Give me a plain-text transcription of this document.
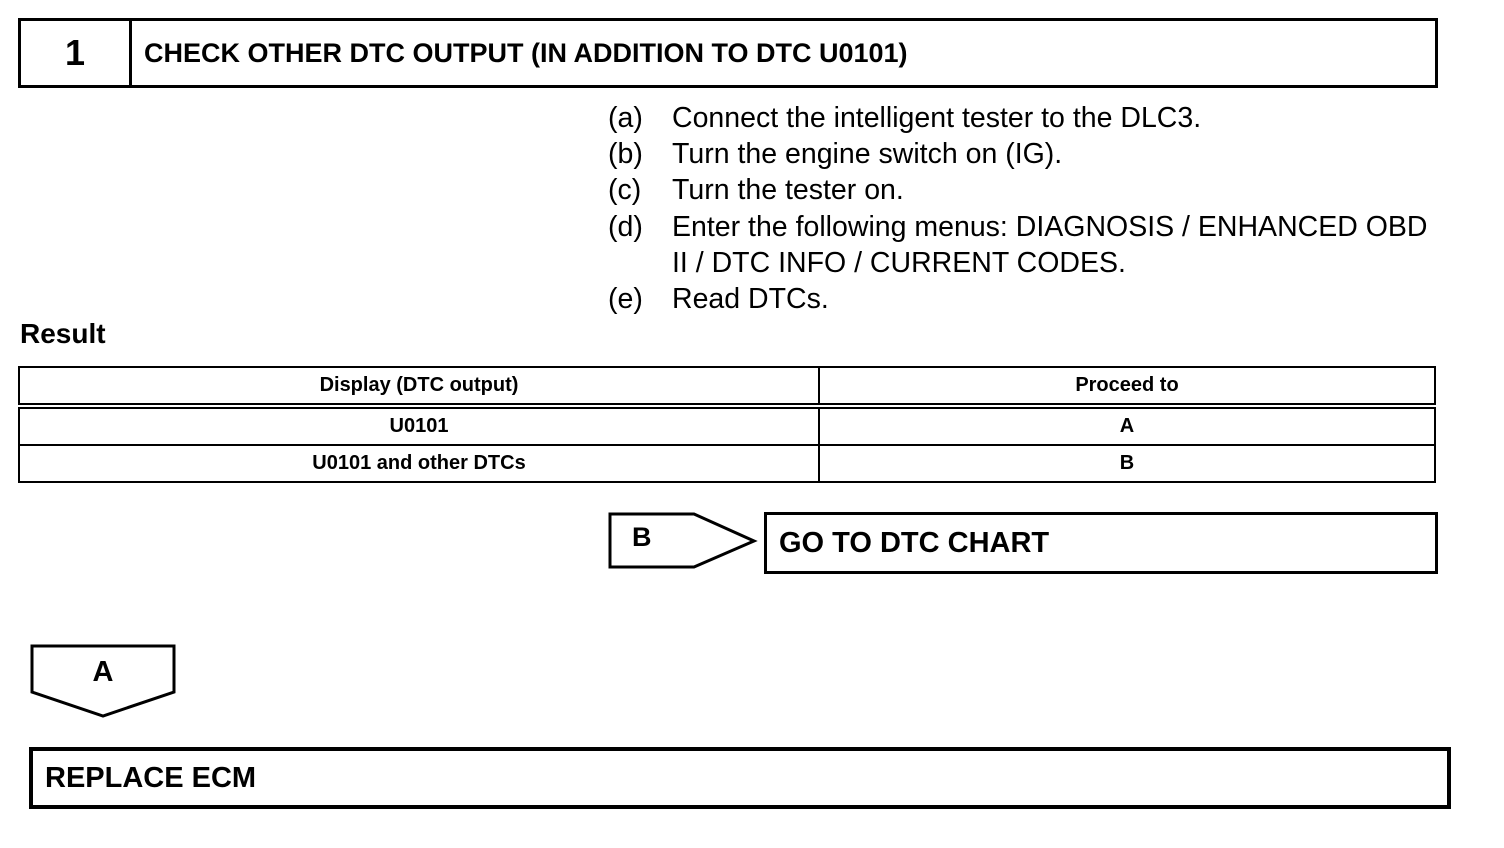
1	CHECK OTHER DTC OUTPUT (IN ADDITION TO DTC U0101)
(a)	Connect the intelligent tester to the DLC3.
(b)	Turn the engine switch on (IG).
(c)	Turn the tester on.
(d)	Enter the following menus: DIAGNOSIS / ENHANCED OBD II / DTC INFO / CURRENT CODES.
(e)	Read DTCs.
Result
Display (DTC output)	Proceed to
U0101	A
U0101 and other DTCs	B
B	GO TO DTC CHART
A
REPLACE ECM
